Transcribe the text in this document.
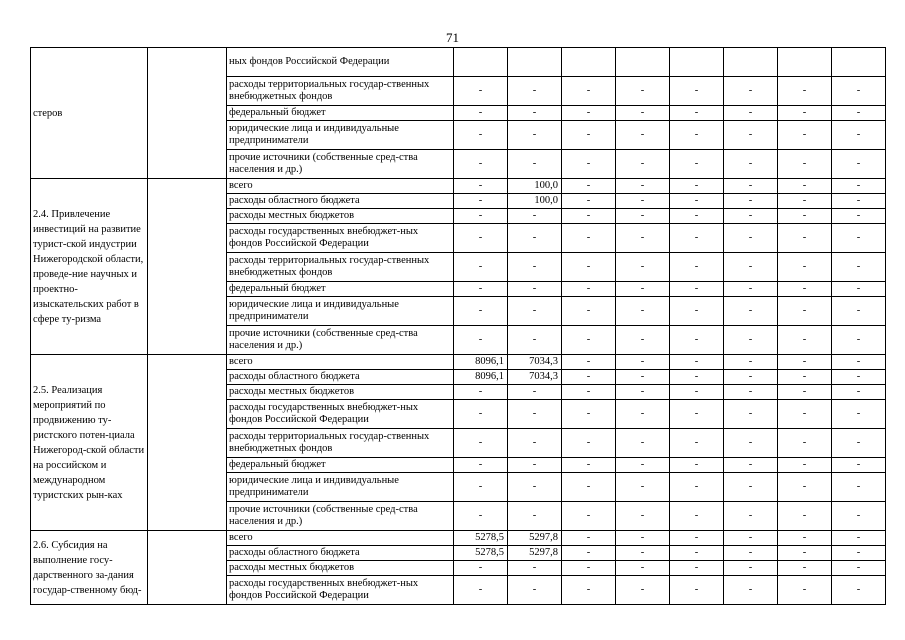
71
стеров		ных фондов Российской Федерации								
		расходы территориальных государ-ственных внебюджетных фондов	-	-	-	-	-	-	-	-
		федеральный бюджет	-	-	-	-	-	-	-	-
		юридические лица и индивидуальные предприниматели	-	-	-	-	-	-	-	-
		прочие источники (собственные сред-ства населения и др.)	-	-	-	-	-	-	-	-
2.4. Привлечение инвестиций на развитие турист-ской индустрии Нижегородской области, проведе-ние научных и проектно-изыскательских работ в сфере ту-ризма		всего	-	100,0	-	-	-	-	-	-
		расходы областного бюджета	-	100,0	-	-	-	-	-	-
		расходы местных бюджетов	-	-	-	-	-	-	-	-
		расходы государственных внебюджет-ных фондов Российской Федерации	-	-	-	-	-	-	-	-
		расходы территориальных государ-ственных внебюджетных фондов	-	-	-	-	-	-	-	-
		федеральный бюджет	-	-	-	-	-	-	-	-
		юридические лица и индивидуальные предприниматели	-	-	-	-	-	-	-	-
		прочие источники (собственные сред-ства населения и др.)	-	-	-	-	-	-	-	-
2.5. Реализация мероприятий по продвижению ту-ристского потен-циала Нижегород-ской области на российском и международном туристских рын-ках		всего	8096,1	7034,3	-	-	-	-	-	-
		расходы областного бюджета	8096,1	7034,3	-	-	-	-	-	-
		расходы местных бюджетов	-	-	-	-	-	-	-	-
		расходы государственных внебюджет-ных фондов Российской Федерации	-	-	-	-	-	-	-	-
		расходы территориальных государ-ственных внебюджетных фондов	-	-	-	-	-	-	-	-
		федеральный бюджет	-	-	-	-	-	-	-	-
		юридические лица и индивидуальные предприниматели	-	-	-	-	-	-	-	-
		прочие источники (собственные сред-ства населения и др.)	-	-	-	-	-	-	-	-
2.6. Субсидия на выполнение госу-дарственного за-дания государ-ственному бюд-		всего	5278,5	5297,8	-	-	-	-	-	-
		расходы областного бюджета	5278,5	5297,8	-	-	-	-	-	-
		расходы местных бюджетов	-	-	-	-	-	-	-	-
		расходы государственных внебюджет-ных фондов Российской Федерации	-	-	-	-	-	-	-	-
